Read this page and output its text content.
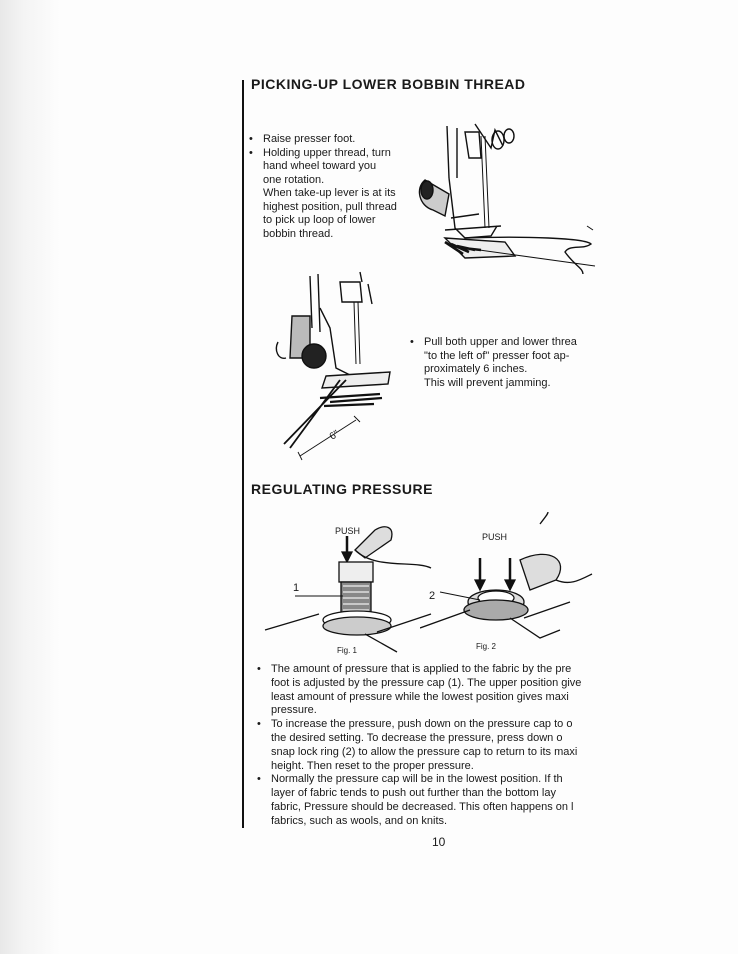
PICKING-UP LOWER BOBBIN THREAD
• Raise presser foot.
• Holding upper thread, turn
hand wheel toward you
one rotation.
When take-up lever is at its
highest position, pull thread
to pick up loop of lower
bobbin thread.
6"
• Pull both upper and lower threa
"to the left of" presser foot ap-
proximately 6 inches.
This will prevent jamming.
REGULATING PRESSURE
PUSH
1
Fig. 1
PUSH
2
Fig. 2
• The amount of pressure that is applied to the fabric by the pre
foot is adjusted by the pressure cap (1). The upper position give
least amount of pressure while the lowest position gives maxi
pressure.
• To increase the pressure, push down on the pressure cap to o
the desired setting. To decrease the pressure, press down o
snap lock ring (2) to allow the pressure cap to return to its maxi
height. Then reset to the proper pressure.
• Normally the pressure cap will be in the lowest position. If th
layer of fabric tends to push out further than the bottom lay
fabric, Pressure should be decreased. This often happens on l
fabrics, such as wools, and on knits.
10
